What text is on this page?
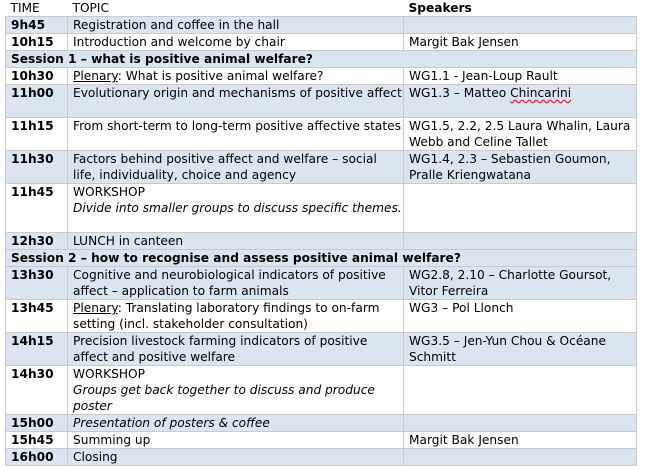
TIME	TOPIC	Speakers
9h45	Registration and coffee in the hall	
10h15	Introduction and welcome by chair	Margit Bak Jensen
Session 1 – what is positive animal welfare?		
10h30	Plenary: What is positive animal welfare?	WG1.1 - Jean-Loup Rault
11h00	Evolutionary origin and mechanisms of positive affect	WG1.3 – Matteo Chincarini
11h15	From short-term to long-term positive affective states	WG1.5, 2.2, 2.5 Laura Whalin, Laura Webb and Celine Tallet
11h30	Factors behind positive affect and welfare – social life, individuality, choice and agency	WG1.4, 2.3 – Sebastien Goumon, Pralle Kriengwatana
11h45	WORKSHOP
Divide into smaller groups to discuss specific themes.	

12h30	LUNCH in canteen	
Session 2 – how to recognise and assess positive animal welfare?		
13h30	Cognitive and neurobiological indicators of positive affect – application to farm animals	WG2.8, 2.10 – Charlotte Goursot, Vitor Ferreira
13h45	Plenary: Translating laboratory findings to on-farm setting (incl. stakeholder consultation)	WG3 – Pol Llonch
14h15	Precision livestock farming indicators of positive affect and positive welfare	WG3.5 – Jen-Yun Chou & Océane Schmitt
14h30	WORKSHOP
Groups get back together to discuss and produce poster	

15h00	Presentation of posters & coffee	
15h45	Summing up	Margit Bak Jensen
16h00	Closing	
